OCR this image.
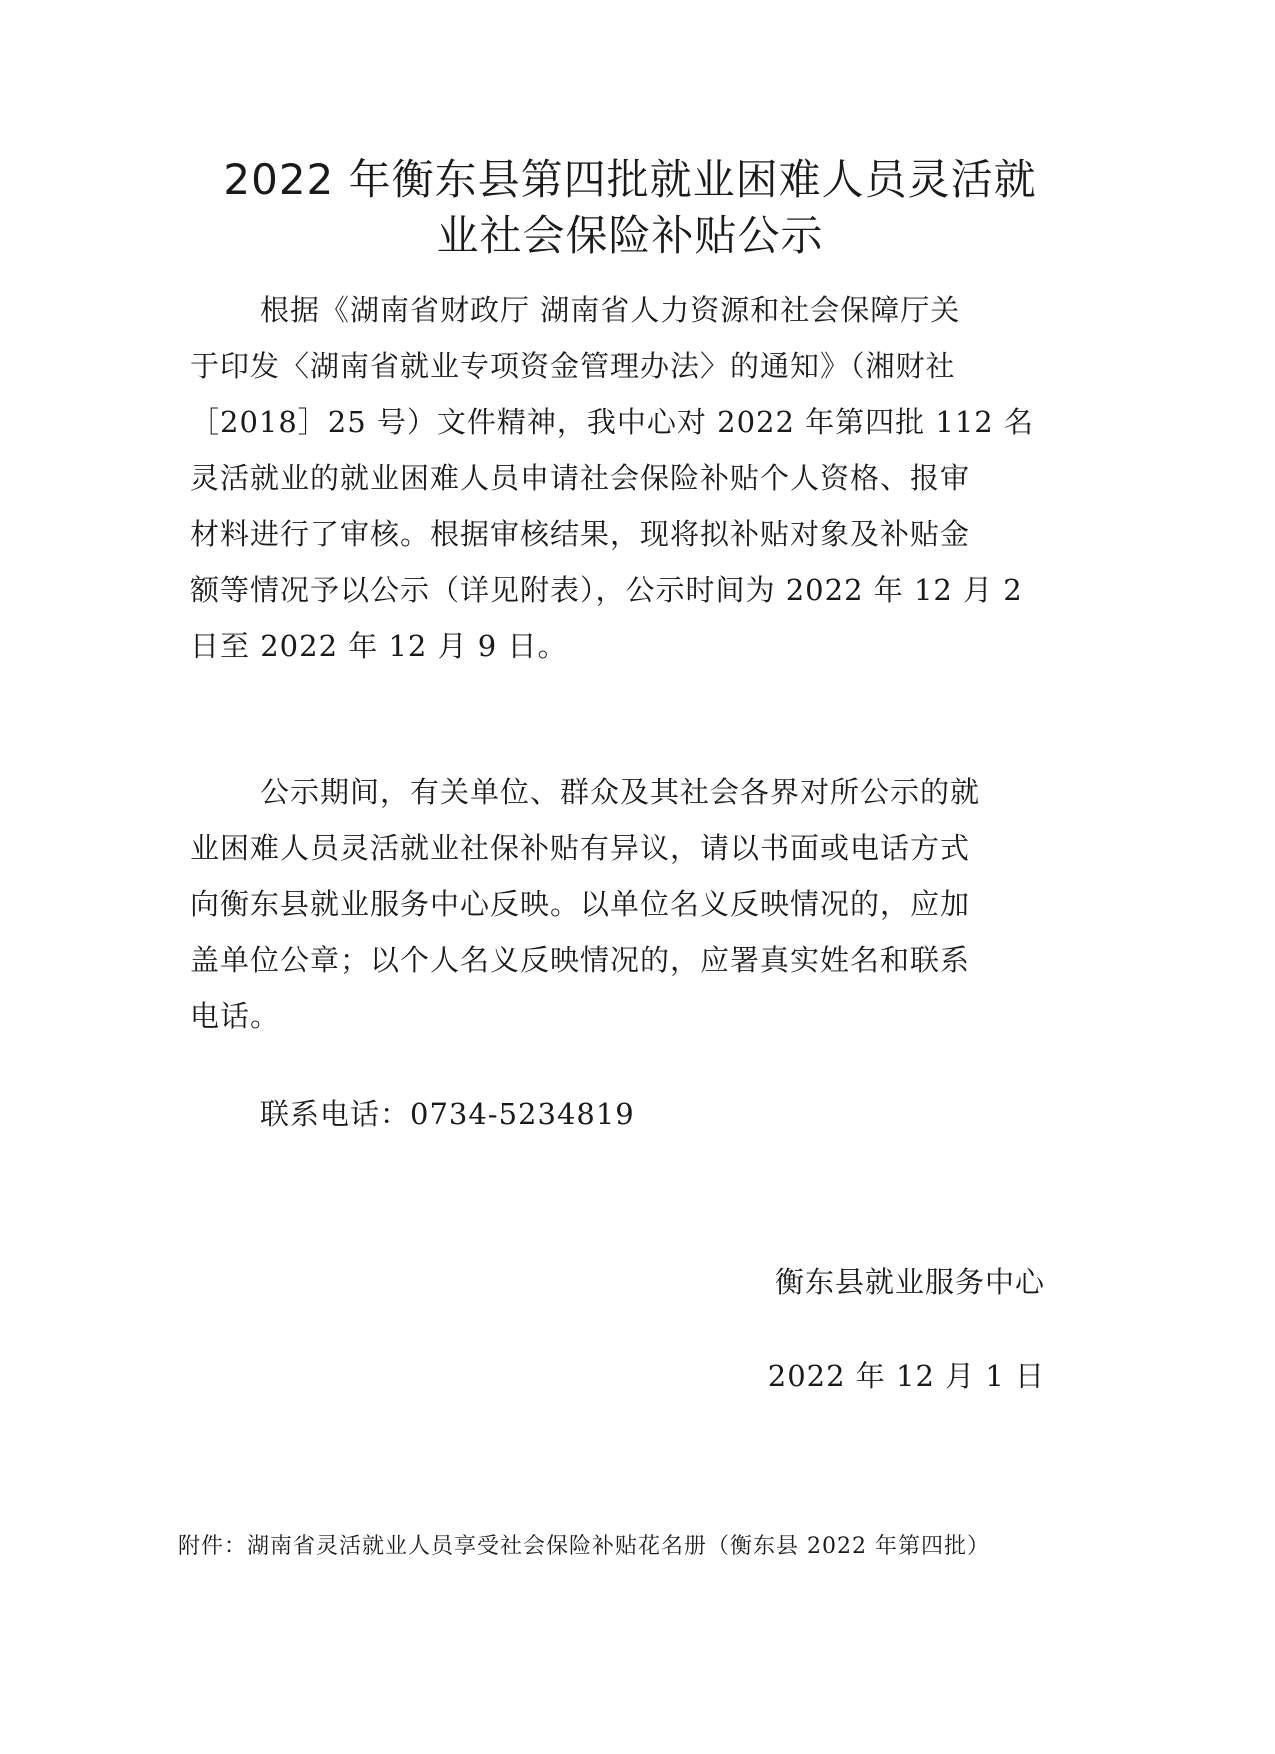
2022 年衡东县第四批就业困难人员灵活就
业社会保险补贴公示
根据《湖南省财政厅 湖南省人力资源和社会保障厅关
于印发〈湖南省就业专项资金管理办法〉的通知》（湘财社
［2018］25 号）文件精神，我中心对 2022 年第四批 112 名
灵活就业的就业困难人员申请社会保险补贴个人资格、报审
材料进行了审核。根据审核结果，现将拟补贴对象及补贴金
额等情况予以公示（详见附表），公示时间为 2022 年 12 月 2
日至 2022 年 12 月 9 日。
公示期间，有关单位、群众及其社会各界对所公示的就
业困难人员灵活就业社保补贴有异议，请以书面或电话方式
向衡东县就业服务中心反映。以单位名义反映情况的，应加
盖单位公章；以个人名义反映情况的，应署真实姓名和联系
电话。
联系电话：0734-5234819
衡东县就业服务中心
2022 年 12 月 1 日
附件：湖南省灵活就业人员享受社会保险补贴花名册（衡东县 2022 年第四批）
